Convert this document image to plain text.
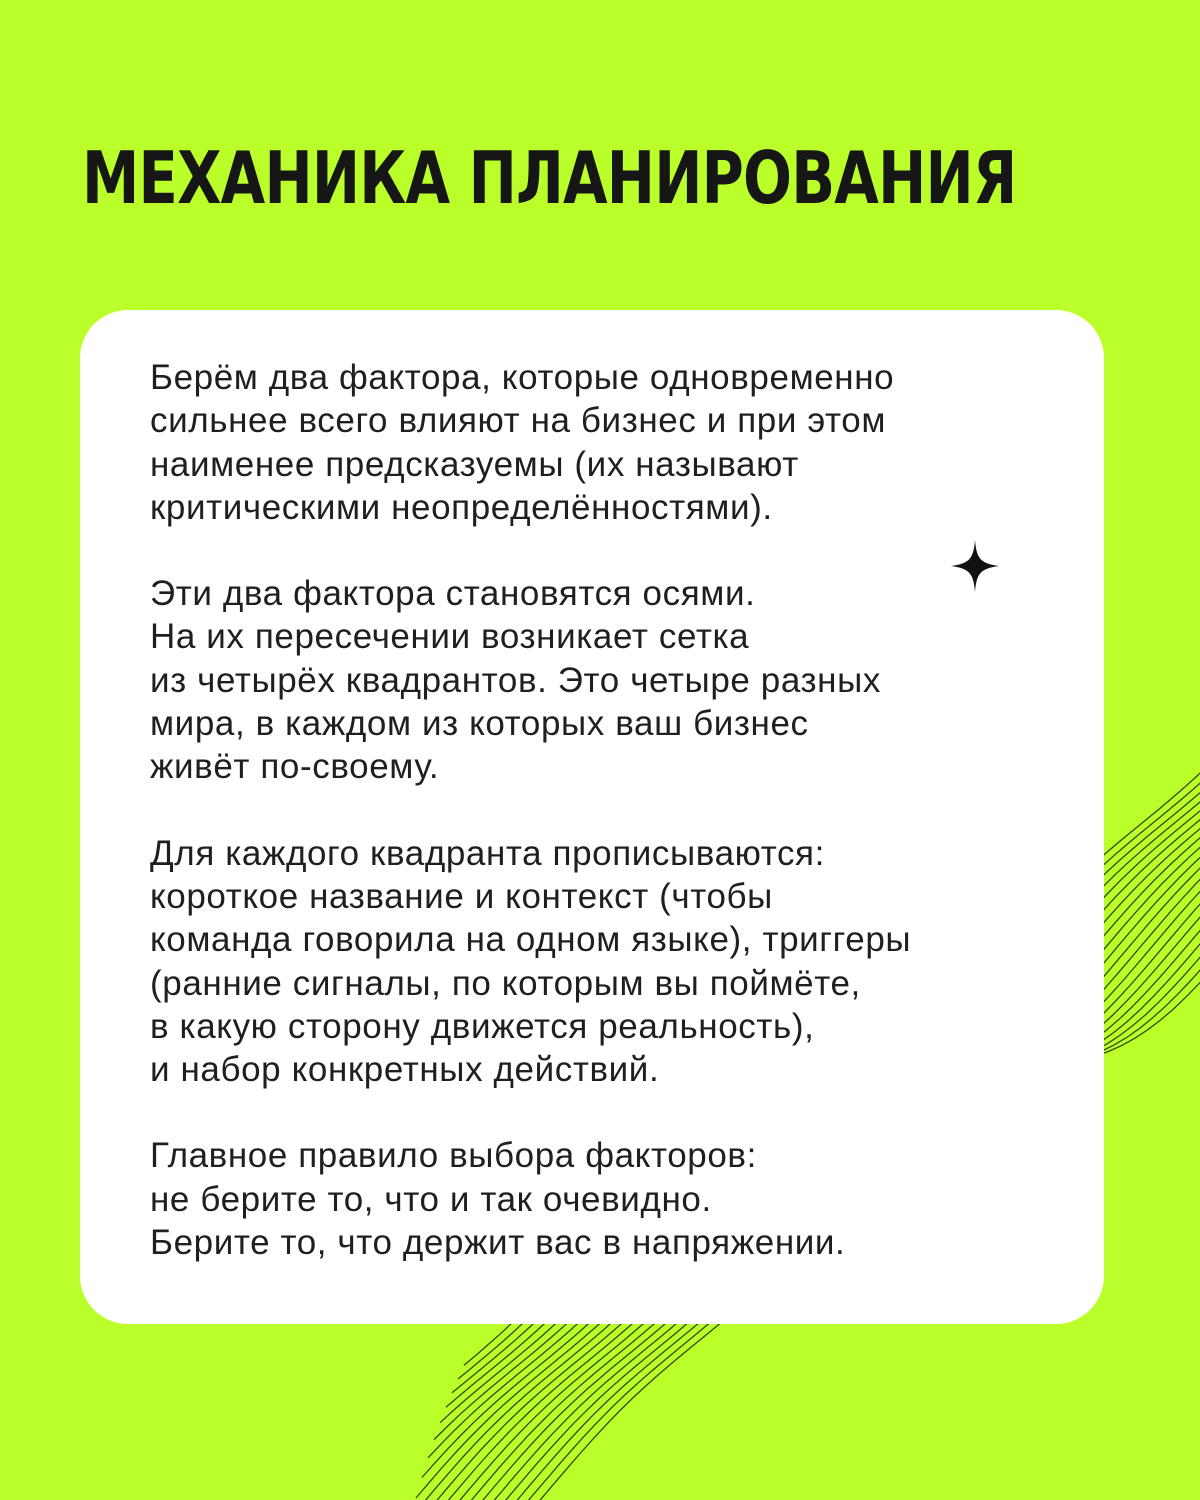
МЕХАНИКА ПЛАНИРОВАНИЯ

Берём два фактора, которые одновременно
сильнее всего влияют на бизнес и при этом
наименее предсказуемы (их называют
критическими неопределённостями).

Эти два фактора становятся осями.
На их пересечении возникает сетка
из четырёх квадрантов. Это четыре разных
мира, в каждом из которых ваш бизнес
живёт по-своему.

Для каждого квадранта прописываются:
короткое название и контекст (чтобы
команда говорила на одном языке), триггеры
(ранние сигналы, по которым вы поймёте,
в какую сторону движется реальность),
и набор конкретных действий.

Главное правило выбора факторов:
не берите то, что и так очевидно.
Берите то, что держит вас в напряжении.
